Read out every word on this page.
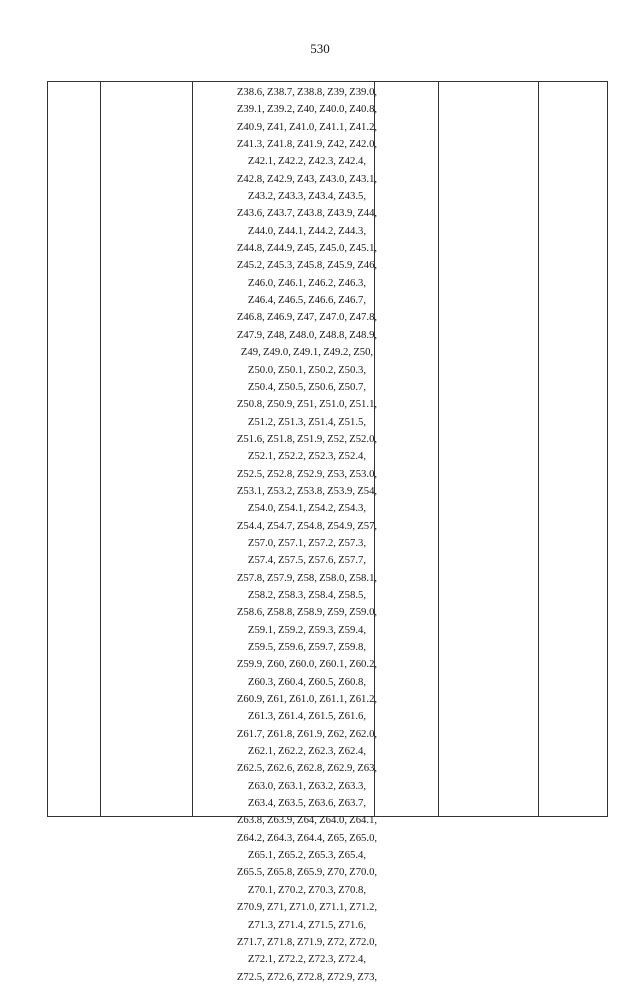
530
Z38.6, Z38.7, Z38.8, Z39, Z39.0,
Z39.1, Z39.2, Z40, Z40.0, Z40.8,
Z40.9, Z41, Z41.0, Z41.1, Z41.2,
Z41.3, Z41.8, Z41.9, Z42, Z42.0,
Z42.1, Z42.2, Z42.3, Z42.4,
Z42.8, Z42.9, Z43, Z43.0, Z43.1,
Z43.2, Z43.3, Z43.4, Z43.5,
Z43.6, Z43.7, Z43.8, Z43.9, Z44,
Z44.0, Z44.1, Z44.2, Z44.3,
Z44.8, Z44.9, Z45, Z45.0, Z45.1,
Z45.2, Z45.3, Z45.8, Z45.9, Z46,
Z46.0, Z46.1, Z46.2, Z46.3,
Z46.4, Z46.5, Z46.6, Z46.7,
Z46.8, Z46.9, Z47, Z47.0, Z47.8,
Z47.9, Z48, Z48.0, Z48.8, Z48.9,
Z49, Z49.0, Z49.1, Z49.2, Z50,
Z50.0, Z50.1, Z50.2, Z50.3,
Z50.4, Z50.5, Z50.6, Z50.7,
Z50.8, Z50.9, Z51, Z51.0, Z51.1,
Z51.2, Z51.3, Z51.4, Z51.5,
Z51.6, Z51.8, Z51.9, Z52, Z52.0,
Z52.1, Z52.2, Z52.3, Z52.4,
Z52.5, Z52.8, Z52.9, Z53, Z53.0,
Z53.1, Z53.2, Z53.8, Z53.9, Z54,
Z54.0, Z54.1, Z54.2, Z54.3,
Z54.4, Z54.7, Z54.8, Z54.9, Z57,
Z57.0, Z57.1, Z57.2, Z57.3,
Z57.4, Z57.5, Z57.6, Z57.7,
Z57.8, Z57.9, Z58, Z58.0, Z58.1,
Z58.2, Z58.3, Z58.4, Z58.5,
Z58.6, Z58.8, Z58.9, Z59, Z59.0,
Z59.1, Z59.2, Z59.3, Z59.4,
Z59.5, Z59.6, Z59.7, Z59.8,
Z59.9, Z60, Z60.0, Z60.1, Z60.2,
Z60.3, Z60.4, Z60.5, Z60.8,
Z60.9, Z61, Z61.0, Z61.1, Z61.2,
Z61.3, Z61.4, Z61.5, Z61.6,
Z61.7, Z61.8, Z61.9, Z62, Z62.0,
Z62.1, Z62.2, Z62.3, Z62.4,
Z62.5, Z62.6, Z62.8, Z62.9, Z63,
Z63.0, Z63.1, Z63.2, Z63.3,
Z63.4, Z63.5, Z63.6, Z63.7,
Z63.8, Z63.9, Z64, Z64.0, Z64.1,
Z64.2, Z64.3, Z64.4, Z65, Z65.0,
Z65.1, Z65.2, Z65.3, Z65.4,
Z65.5, Z65.8, Z65.9, Z70, Z70.0,
Z70.1, Z70.2, Z70.3, Z70.8,
Z70.9, Z71, Z71.0, Z71.1, Z71.2,
Z71.3, Z71.4, Z71.5, Z71.6,
Z71.7, Z71.8, Z71.9, Z72, Z72.0,
Z72.1, Z72.2, Z72.3, Z72.4,
Z72.5, Z72.6, Z72.8, Z72.9, Z73,
